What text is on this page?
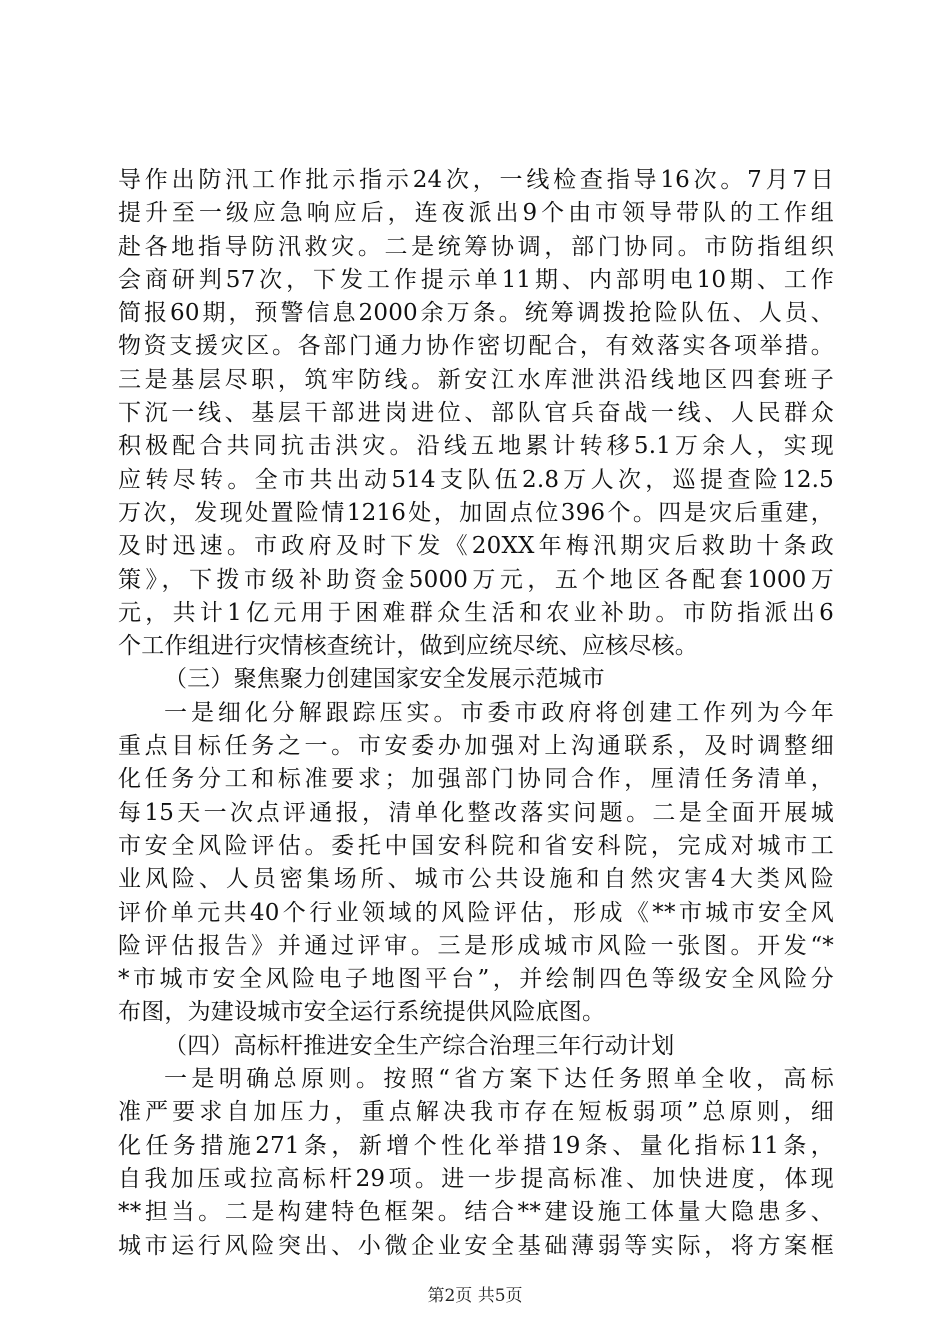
导作出防汛工作批示指示24次，一线检查指导16次。7月7日
提升至一级应急响应后，连夜派出9个由市领导带队的工作组
赴各地指导防汛救灾。二是统筹协调，部门协同。市防指组织
会商研判57次，下发工作提示单11期、内部明电10期、工作
简报60期，预警信息2000余万条。统筹调拨抢险队伍、人员、
物资支援灾区。各部门通力协作密切配合，有效落实各项举措。
三是基层尽职，筑牢防线。新安江水库泄洪沿线地区四套班子
下沉一线、基层干部进岗进位、部队官兵奋战一线、人民群众
积极配合共同抗击洪灾。沿线五地累计转移5.1万余人，实现
应转尽转。全市共出动514支队伍2.8万人次，巡提查险12.5
万次，发现处置险情1216处，加固点位396个。四是灾后重建，
及时迅速。市政府及时下发《20XX年梅汛期灾后救助十条政
策》，下拨市级补助资金5000万元，五个地区各配套1000万
元，共计1亿元用于困难群众生活和农业补助。市防指派出6
个工作组进行灾情核查统计，做到应统尽统、应核尽核。
（三）聚焦聚力创建国家安全发展示范城市
一是细化分解跟踪压实。市委市政府将创建工作列为今年
重点目标任务之一。市安委办加强对上沟通联系，及时调整细
化任务分工和标准要求；加强部门协同合作，厘清任务清单，
每15天一次点评通报，清单化整改落实问题。二是全面开展城
市安全风险评估。委托中国安科院和省安科院，完成对城市工
业风险、人员密集场所、城市公共设施和自然灾害4大类风险
评价单元共40个行业领域的风险评估，形成《**市城市安全风
险评估报告》并通过评审。三是形成城市风险一张图。开发“*
*市城市安全风险电子地图平台”，并绘制四色等级安全风险分
布图，为建设城市安全运行系统提供风险底图。
（四）高标杆推进安全生产综合治理三年行动计划
一是明确总原则。按照“省方案下达任务照单全收，高标
准严要求自加压力，重点解决我市存在短板弱项”总原则，细
化任务措施271条，新增个性化举措19条、量化指标11条，
自我加压或拉高标杆29项。进一步提高标准、加快进度，体现
**担当。二是构建特色框架。结合**建设施工体量大隐患多、
城市运行风险突出、小微企业安全基础薄弱等实际，将方案框
第2页 共5页
